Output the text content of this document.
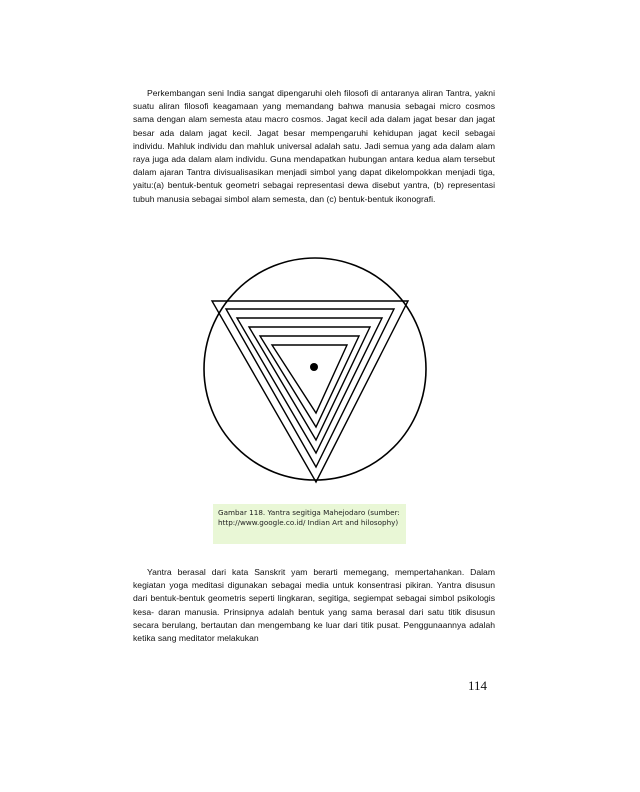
Perkembangan seni India sangat dipengaruhi oleh filosofi di antaranya aliran Tantra, yakni suatu aliran filosofi keagamaan yang memandang bahwa manusia sebagai micro cosmos sama dengan alam semesta atau macro cosmos. Jagat kecil ada dalam jagat besar dan jagat besar ada dalam jagat kecil. Jagat besar mempengaruhi kehidupan jagat kecil sebagai individu. Mahluk individu dan mahluk universal adalah satu. Jadi semua yang ada dalam alam raya juga ada dalam alam individu. Guna mendapatkan hubungan antara kedua alam tersebut dalam ajaran Tantra divisualisasikan menjadi simbol yang dapat dikelompokkan menjadi tiga, yaitu:(a) bentuk-bentuk geometri sebagai representasi dewa disebut yantra, (b) representasi tubuh manusia sebagai simbol alam semesta, dan (c) bentuk-bentuk ikonografi.

Gambar 118. Yantra segitiga Mahejodaro (sumber: http://www.google.co.id/ Indian Art and hilosophy)

Yantra berasal dari kata Sanskrit yam berarti memegang, mempertahankan. Dalam kegiatan yoga meditasi digunakan sebagai media untuk konsentrasi pikiran. Yantra disusun dari bentuk-bentuk geometris seperti lingkaran, segitiga, segiempat sebagai simbol psikologis kesa- daran manusia. Prinsipnya adalah bentuk yang sama berasal dari satu titik disusun secara berulang, bertautan dan mengembang ke luar dari titik pusat. Penggunaannya adalah ketika sang meditator melakukan

114
